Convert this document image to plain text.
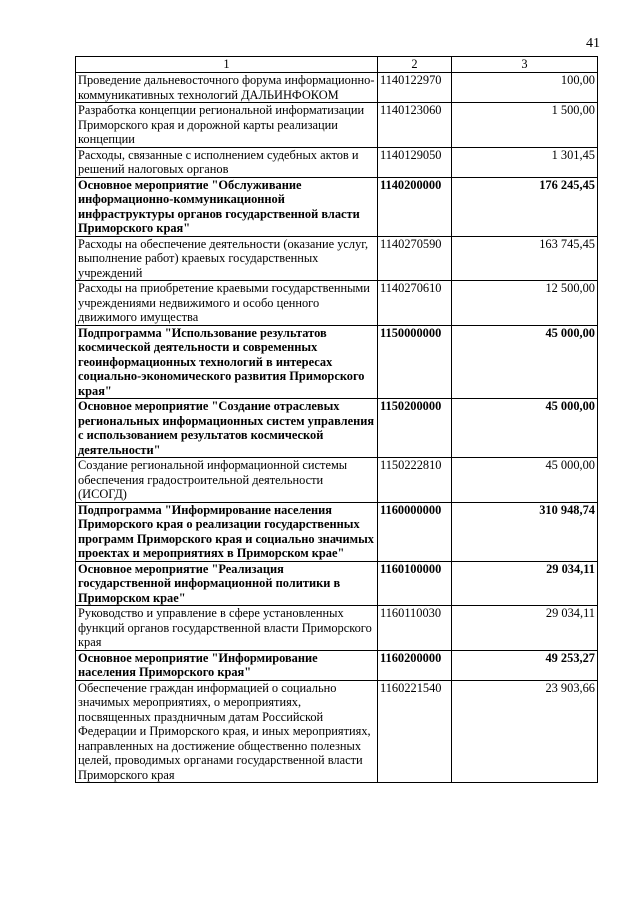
41
1	2	3
Проведение дальневосточного форума информационно-коммуникативных технологий ДАЛЬИНФОКОМ	1140122970	100,00
Разработка концепции региональной информатизации Приморского края и дорожной карты реализации концепции	1140123060	1 500,00
Расходы, связанные с исполнением судебных актов и решений налоговых органов	1140129050	1 301,45
Основное мероприятие "Обслуживание информационно-коммуникационной инфраструктуры органов государственной власти Приморского края"	1140200000	176 245,45
Расходы на обеспечение деятельности (оказание услуг, выполнение работ) краевых государственных учреждений	1140270590	163 745,45
Расходы на приобретение краевыми государственными учреждениями недвижимого и особо ценного движимого имущества	1140270610	12 500,00
Подпрограмма "Использование результатов космической деятельности и современных геоинформационных технологий в интересах социально-экономического развития Приморского края"	1150000000	45 000,00
Основное мероприятие "Создание отраслевых региональных информационных систем управления с использованием результатов космической деятельности"	1150200000	45 000,00
Создание региональной информационной системы обеспечения градостроительной деятельности (ИСОГД)	1150222810	45 000,00
Подпрограмма "Информирование населения Приморского края о реализации государственных программ Приморского края и социально значимых проектах и мероприятиях в Приморском крае"	1160000000	310 948,74
Основное мероприятие "Реализация государственной информационной политики в Приморском крае"	1160100000	29 034,11
Руководство и управление в сфере установленных функций органов государственной власти Приморского края	1160110030	29 034,11
Основное мероприятие "Информирование населения Приморского края"	1160200000	49 253,27
Обеспечение граждан информацией о социально значимых мероприятиях, о мероприятиях, посвященных праздничным датам Российской Федерации и Приморского края, и иных мероприятиях, направленных на достижение общественно полезных целей, проводимых органами государственной власти Приморского края	1160221540	23 903,66
